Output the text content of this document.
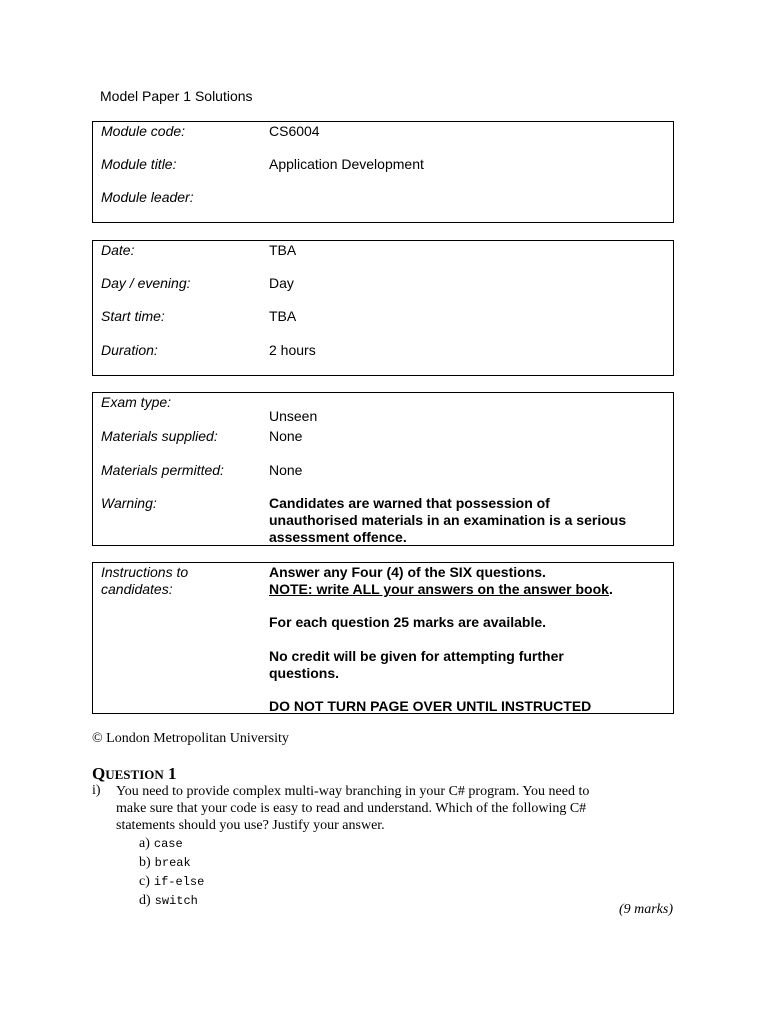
Model Paper 1 Solutions
Module code:	CS6004
Module title:	Application Development
Module leader:
Date:	TBA
Day / evening:	Day
Start time:	TBA
Duration:	2 hours
Exam type:
Unseen
Materials supplied:	None
Materials permitted:	None
Warning:	Candidates are warned that possession of
unauthorised materials in an examination is a serious
assessment offence.
Instructions to
candidates:
Answer any Four (4) of the SIX questions.
NOTE: write ALL your answers on the answer book.
For each question 25 marks are available.
No credit will be given for attempting further
questions.
DO NOT TURN PAGE OVER UNTIL INSTRUCTED
© London Metropolitan University
QUESTION 1
i) You need to provide complex multi-way branching in your C# program. You need to
make sure that your code is easy to read and understand. Which of the following C#
statements should you use? Justify your answer.
a) case
b) break
c) if-else
d) switch
(9 marks)
